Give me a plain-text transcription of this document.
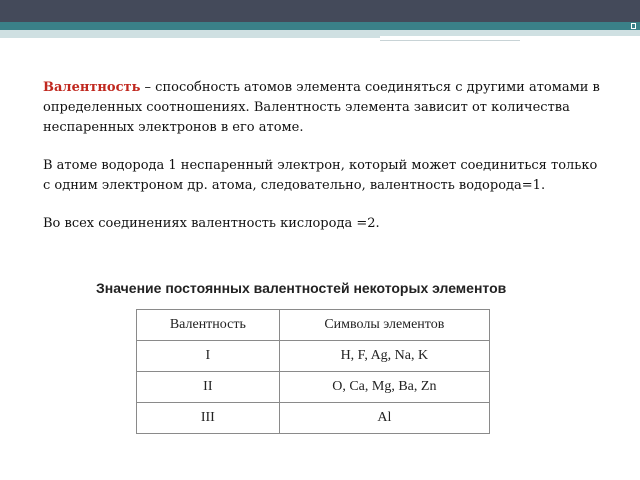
Валентность – способность атомов элемента соединяться с другими атомами в определенных соотношениях. Валентность элемента зависит от количества неспаренных электронов в его атоме.

В атоме водорода 1 неспаренный электрон, который может соединиться только с одним электроном др. атома, следовательно, валентность водорода=1.

Во всех соединениях валентность кислорода =2.

Значение постоянных валентностей некоторых элементов
Валентность	Символы элементов
I	H, F, Ag, Na, K
II	O, Ca, Mg, Ba, Zn
III	Al
